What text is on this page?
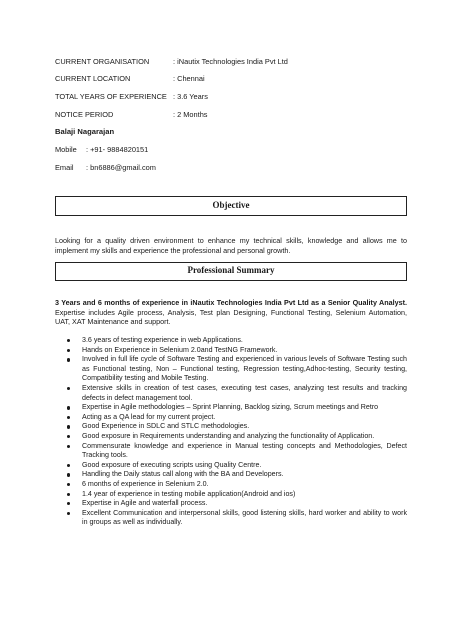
CURRENT ORGANISATION	: iNautix Technologies India Pvt Ltd
CURRENT LOCATION	: Chennai
TOTAL YEARS OF EXPERIENCE : 3.6 Years
NOTICE PERIOD	: 2 Months
Balaji Nagarajan
Mobile : +91- 9884820151
Email : bn6886@gmail.com
Objective
Looking for a quality driven environment to enhance my technical skills, knowledge and allows me to implement my skills and experience the professional and personal growth.
Professional Summary
3 Years and 6 months of experience in iNautix Technologies India Pvt Ltd as a Senior Quality Analyst. Expertise includes Agile process, Analysis, Test plan Designing, Functional Testing, Selenium Automation, UAT, XAT Maintenance and support.
3.6 years of testing experience in web Applications.
Hands on Experience in Selenium 2.0and TestNG Framework.
Involved in full life cycle of Software Testing and experienced in various levels of Software Testing such as Functional testing, Non – Functional testing, Regression testing,Adhoc-testing, Security testing, Compatibility testing and Mobile Testing.
Extensive skills in creation of test cases, executing test cases, analyzing test results and tracking defects in defect management tool.
Expertise in Agile methodologies – Sprint Planning, Backlog sizing, Scrum meetings and Retro
Acting as a QA lead for my current project.
Good Experience in SDLC and STLC methodologies.
Good exposure in Requirements understanding and analyzing the functionality of Application.
Commensurate knowledge and experience in Manual testing concepts and Methodologies, Defect Tracking tools.
Good exposure of executing scripts using Quality Centre.
Handling the Daily status call along with the BA and Developers.
6 months of experience in Selenium 2.0.
1.4 year of experience in testing mobile application(Android and ios)
Expertise in Agile and waterfall process.
Excellent Communication and interpersonal skills, good listening skills, hard worker and ability to work in groups as well as individually.
